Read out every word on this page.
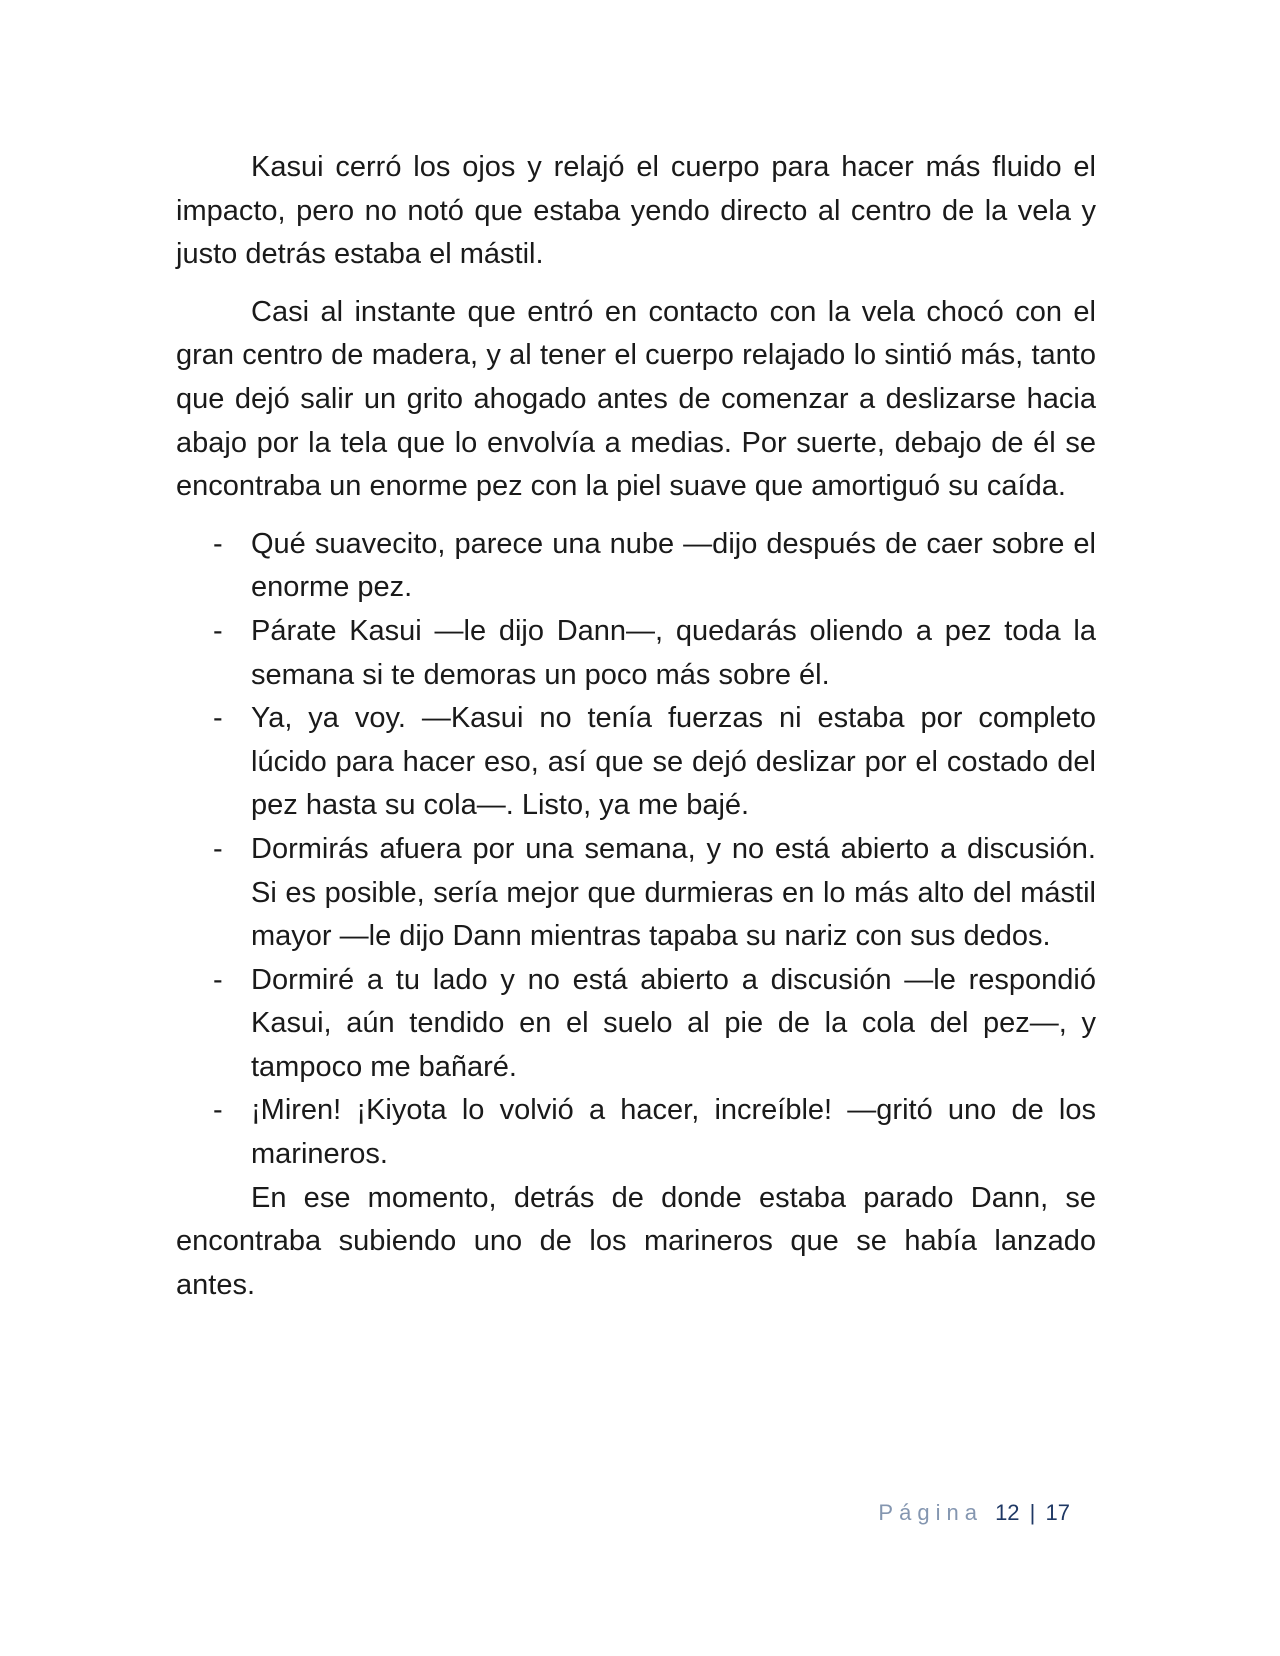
Kasui cerró los ojos y relajó el cuerpo para hacer más fluido el impacto, pero no notó que estaba yendo directo al centro de la vela y justo detrás estaba el mástil.

Casi al instante que entró en contacto con la vela chocó con el gran centro de madera, y al tener el cuerpo relajado lo sintió más, tanto que dejó salir un grito ahogado antes de comenzar a deslizarse hacia abajo por la tela que lo envolvía a medias. Por suerte, debajo de él se encontraba un enorme pez con la piel suave que amortiguó su caída.

- Qué suavecito, parece una nube —dijo después de caer sobre el enorme pez.
- Párate Kasui —le dijo Dann—, quedarás oliendo a pez toda la semana si te demoras un poco más sobre él.
- Ya, ya voy. —Kasui no tenía fuerzas ni estaba por completo lúcido para hacer eso, así que se dejó deslizar por el costado del pez hasta su cola—. Listo, ya me bajé.
- Dormirás afuera por una semana, y no está abierto a discusión. Si es posible, sería mejor que durmieras en lo más alto del mástil mayor —le dijo Dann mientras tapaba su nariz con sus dedos.
- Dormiré a tu lado y no está abierto a discusión —le respondió Kasui, aún tendido en el suelo al pie de la cola del pez—, y tampoco me bañaré.
- ¡Miren! ¡Kiyota lo volvió a hacer, increíble! —gritó uno de los marineros.

En ese momento, detrás de donde estaba parado Dann, se encontraba subiendo uno de los marineros que se había lanzado antes.

Página 12 | 17
